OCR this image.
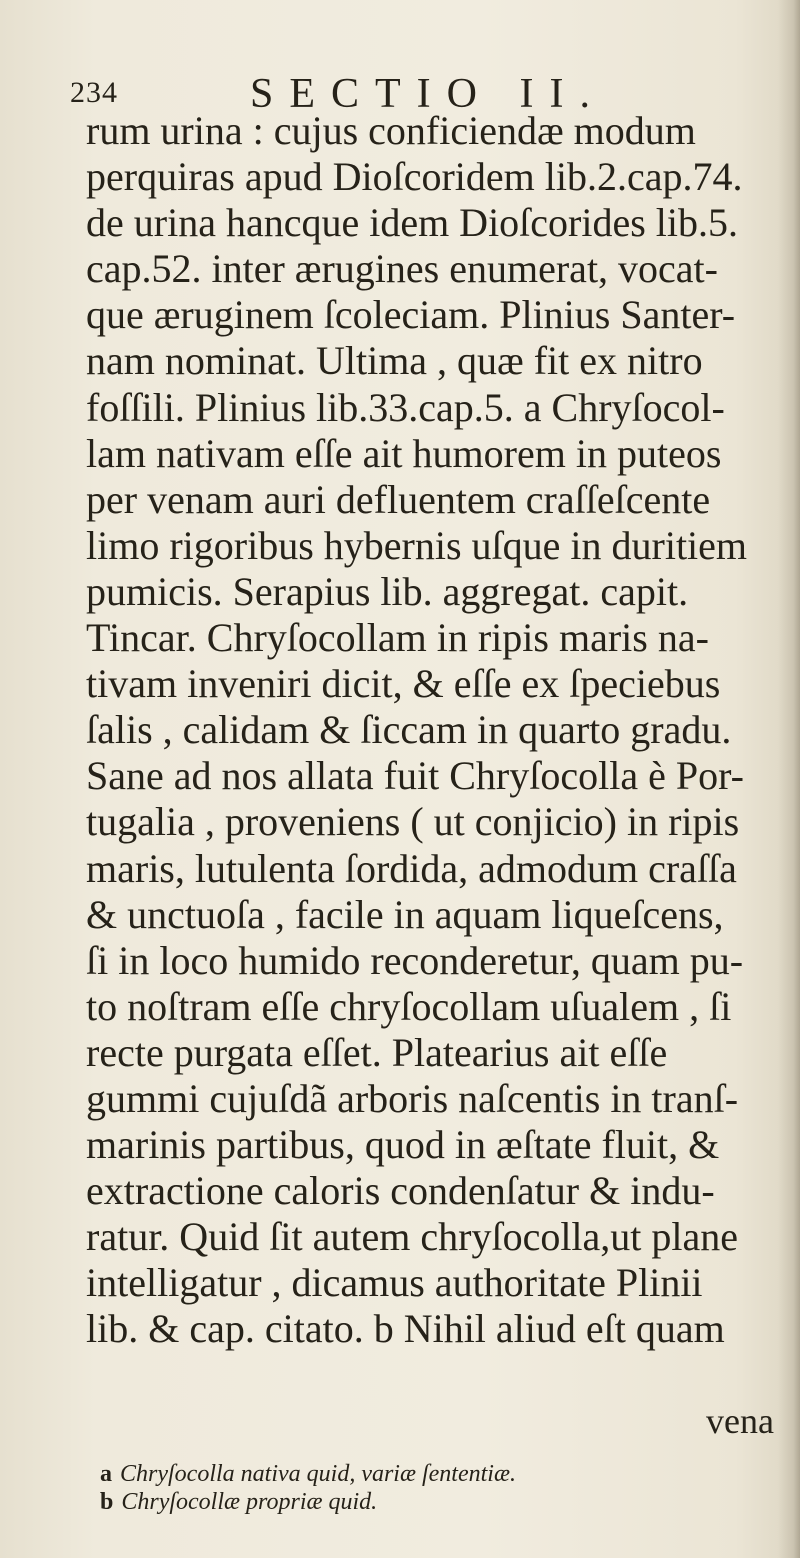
234	SECTIO II.
rum urina : cujus conficiendæ modum
perquiras apud Dioſcoridem lib.2.cap.74.
de urina hancque idem Dioſcorides lib.5.
cap.52. inter ærugines enumerat, vocat-
que æruginem ſcoleciam. Plinius Santer-
nam nominat. Ultima , quæ fit ex nitro
foſſili. Plinius lib.33.cap.5. a Chryſocol-
lam nativam eſſe ait humorem in puteos
per venam auri defluentem craſſeſcente
limo rigoribus hybernis uſque in duritiem
pumicis. Serapius lib. aggregat. capit.
Tincar. Chryſocollam in ripis maris na-
tivam inveniri dicit, & eſſe ex ſpeciebus
ſalis , calidam & ſiccam in quarto gradu.
Sane ad nos allata fuit Chryſocolla è Por-
tugalia , proveniens ( ut conjicio) in ripis
maris, lutulenta ſordida, admodum craſſa
& unctuoſa , facile in aquam liqueſcens,
ſi in loco humido reconderetur, quam pu-
to noſtram eſſe chryſocollam uſualem , ſi
recte purgata eſſet. Platearius ait eſſe
gummi cujuſdã arboris naſcentis in tranſ-
marinis partibus, quod in æſtate fluit, &
extractione caloris condenſatur & indu-
ratur. Quid ſit autem chryſocolla,ut plane
intelligatur , dicamus authoritate Plinii
lib. & cap. citato. b Nihil aliud eſt quam
vena
a Chryſocolla nativa quid, variæ ſententiæ.
b Chryſocollæ propriæ quid.
